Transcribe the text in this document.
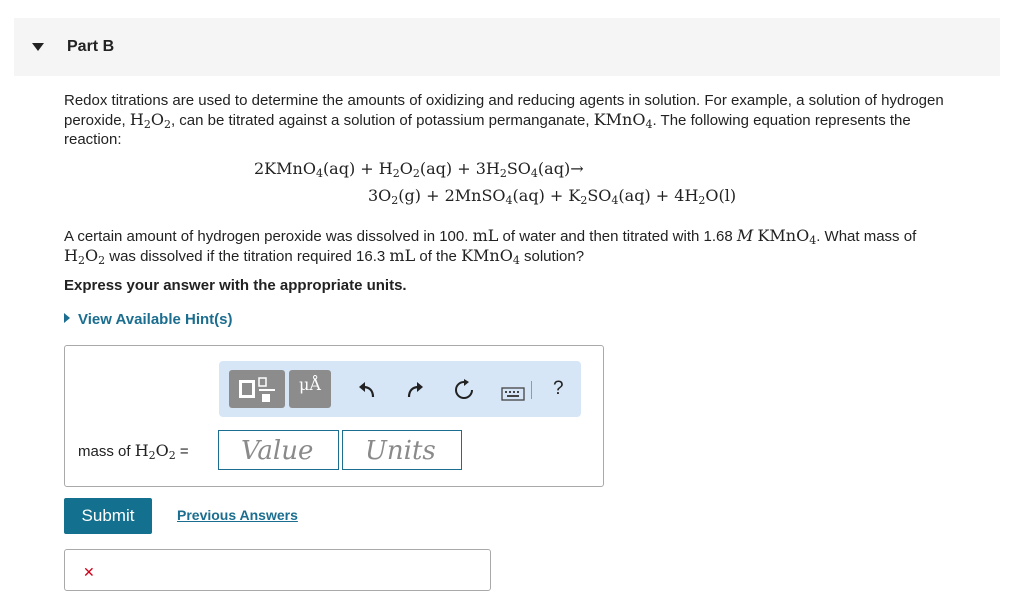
Part B
Redox titrations are used to determine the amounts of oxidizing and reducing agents in solution. For example, a solution of hydrogen peroxide, $H_2O_2$, can be titrated against a solution of potassium permanganate, KMnO$_4$. The following equation represents the reaction:
2KMnO$_4$(aq) + $H_2O_2(aq) + 3H_2SO_4(aq)\to$
$3O_2(g)$ + 2MnSO$_4$(aq) + $K_2SO_4(aq) + 4H_2O(l)$
A certain amount of hydrogen peroxide was dissolved in 100. mL of water and then titrated with 1.68 M KMnO$_4$. What mass of
$H_2O_2$ was dissolved if the titration required 16.3 mL of the KMnO$_4$ solution?
Express your answer with the appropriate units.
View Available Hint(s)
μÅ	?
mass of $H_2O_2$ =	Value	Units
Submit	Previous Answers
✕
